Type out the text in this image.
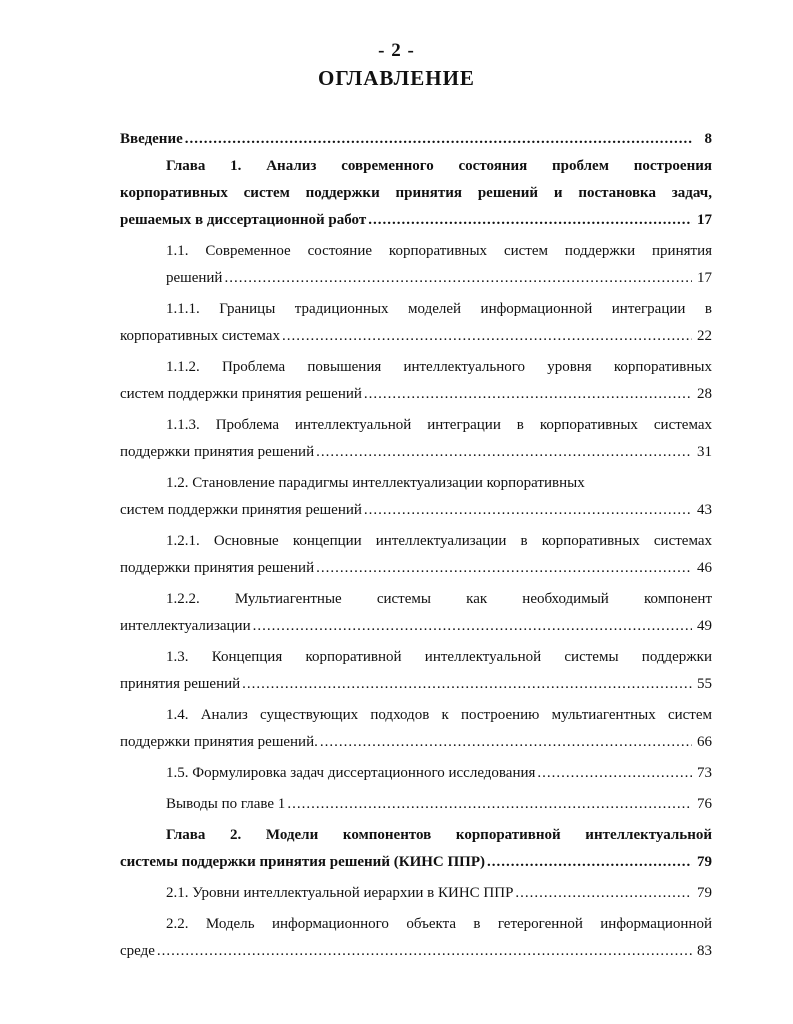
- 2 -
ОГЛАВЛЕНИЕ
Введение .....	8
Глава 1. Анализ современного состояния проблем построения
корпоративных систем поддержки принятия решений и постановка задач,
решаемых в диссертационной работ .....	17
1.1. Современное состояние корпоративных систем поддержки принятия
решений .....	17
1.1.1. Границы традиционных моделей информационной интеграции в
корпоративных системах .....	22
1.1.2. Проблема повышения интеллектуального уровня корпоративных
систем поддержки принятия решений .....	28
1.1.3. Проблема интеллектуальной интеграции в корпоративных системах
поддержки принятия решений .....	31
1.2. Становление парадигмы интеллектуализации корпоративных
систем поддержки принятия решений .....	43
1.2.1. Основные концепции интеллектуализации в корпоративных системах
поддержки принятия решений .....	46
1.2.2. Мультиагентные системы как необходимый компонент
интеллектуализации .....	49
1.3. Концепция корпоративной интеллектуальной системы поддержки
принятия решений .....	55
1.4. Анализ существующих подходов к построению мультиагентных систем
поддержки принятия решений. .....	66
1.5. Формулировка задач диссертационного исследования .....	73
Выводы по главе 1 .....	76
Глава 2. Модели компонентов корпоративной интеллектуальной
системы поддержки принятия решений (КИНС ППР) .....	79
2.1. Уровни интеллектуальной иерархии в КИНС ППР .....	79
2.2. Модель информационного объекта в гетерогенной информационной
среде .....	83
